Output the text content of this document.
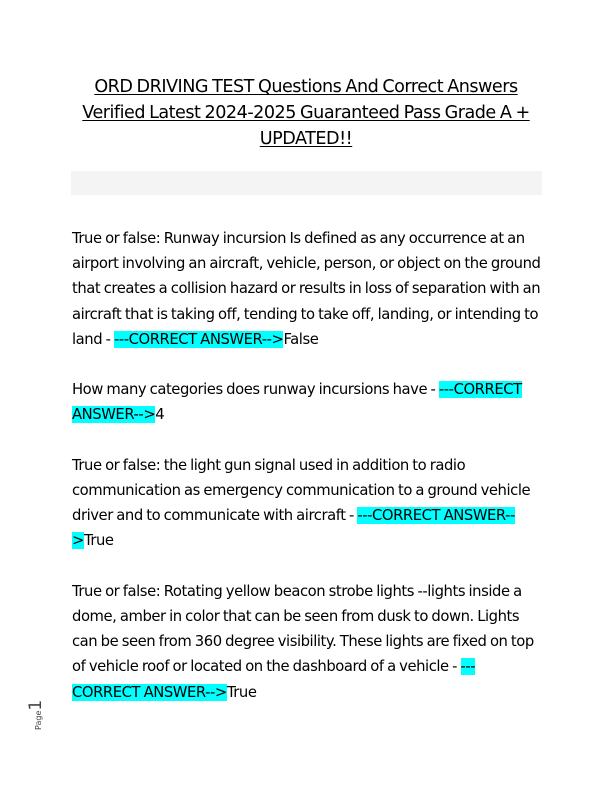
ORD DRIVING TEST Questions And Correct Answers Verified Latest 2024-2025 Guaranteed Pass Grade A + UPDATED!!

True or false: Runway incursion Is defined as any occurrence at an airport involving an aircraft, vehicle, person, or object on the ground that creates a collision hazard or results in loss of separation with an aircraft that is taking off, tending to take off, landing, or intending to land - ---CORRECT ANSWER-->False

How many categories does runway incursions have - ---CORRECT ANSWER-->4

True or false: the light gun signal used in addition to radio communication as emergency communication to a ground vehicle driver and to communicate with aircraft - ---CORRECT ANSWER-->True

True or false: Rotating yellow beacon strobe lights --lights inside a dome, amber in color that can be seen from dusk to down. Lights can be seen from 360 degree visibility. These lights are fixed on top of vehicle roof or located on the dashboard of a vehicle - ---CORRECT ANSWER-->True

Page1
